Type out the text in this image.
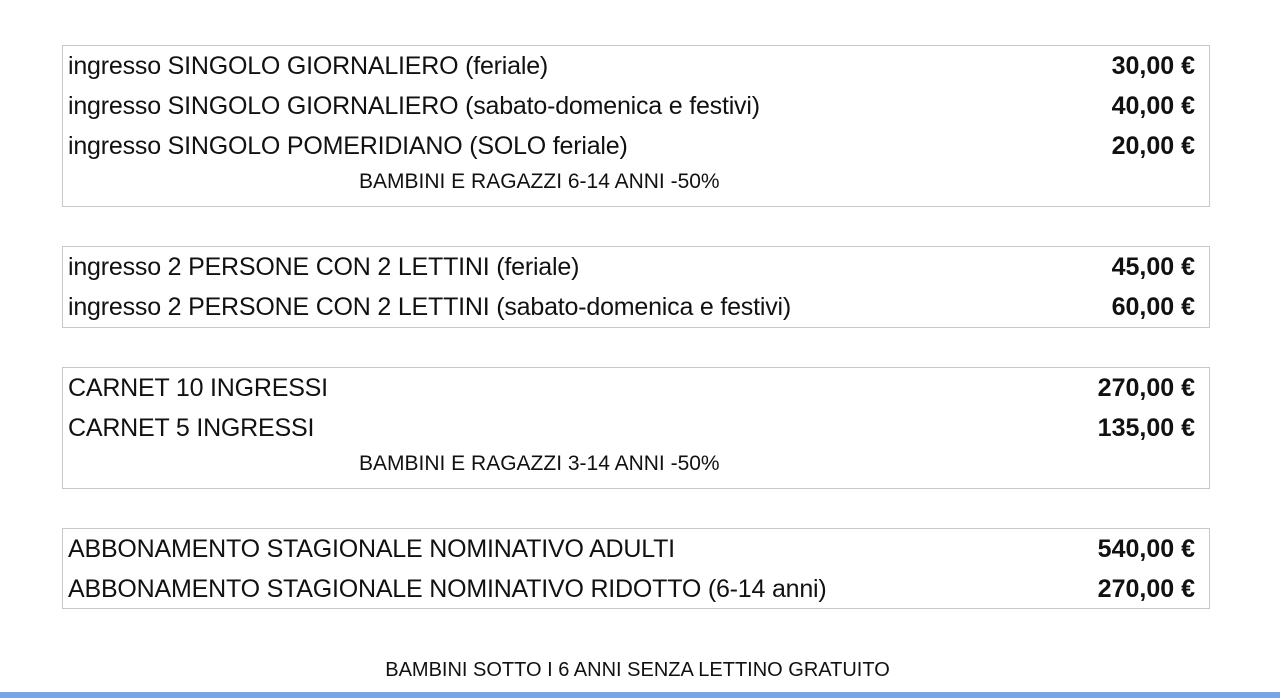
ingresso SINGOLO GIORNALIERO (feriale)	30,00 €
ingresso SINGOLO GIORNALIERO (sabato-domenica e festivi)	40,00 €
ingresso SINGOLO POMERIDIANO (SOLO feriale)	20,00 €
BAMBINI E RAGAZZI 6-14 ANNI -50%
ingresso 2 PERSONE CON 2 LETTINI (feriale)	45,00 €
ingresso 2 PERSONE CON 2 LETTINI (sabato-domenica e festivi)	60,00 €
CARNET 10 INGRESSI	270,00 €
CARNET 5 INGRESSI	135,00 €
BAMBINI E RAGAZZI 3-14 ANNI -50%
ABBONAMENTO STAGIONALE NOMINATIVO ADULTI	540,00 €
ABBONAMENTO STAGIONALE NOMINATIVO RIDOTTO (6-14 anni)	270,00 €
BAMBINI SOTTO I 6 ANNI SENZA LETTINO GRATUITO
